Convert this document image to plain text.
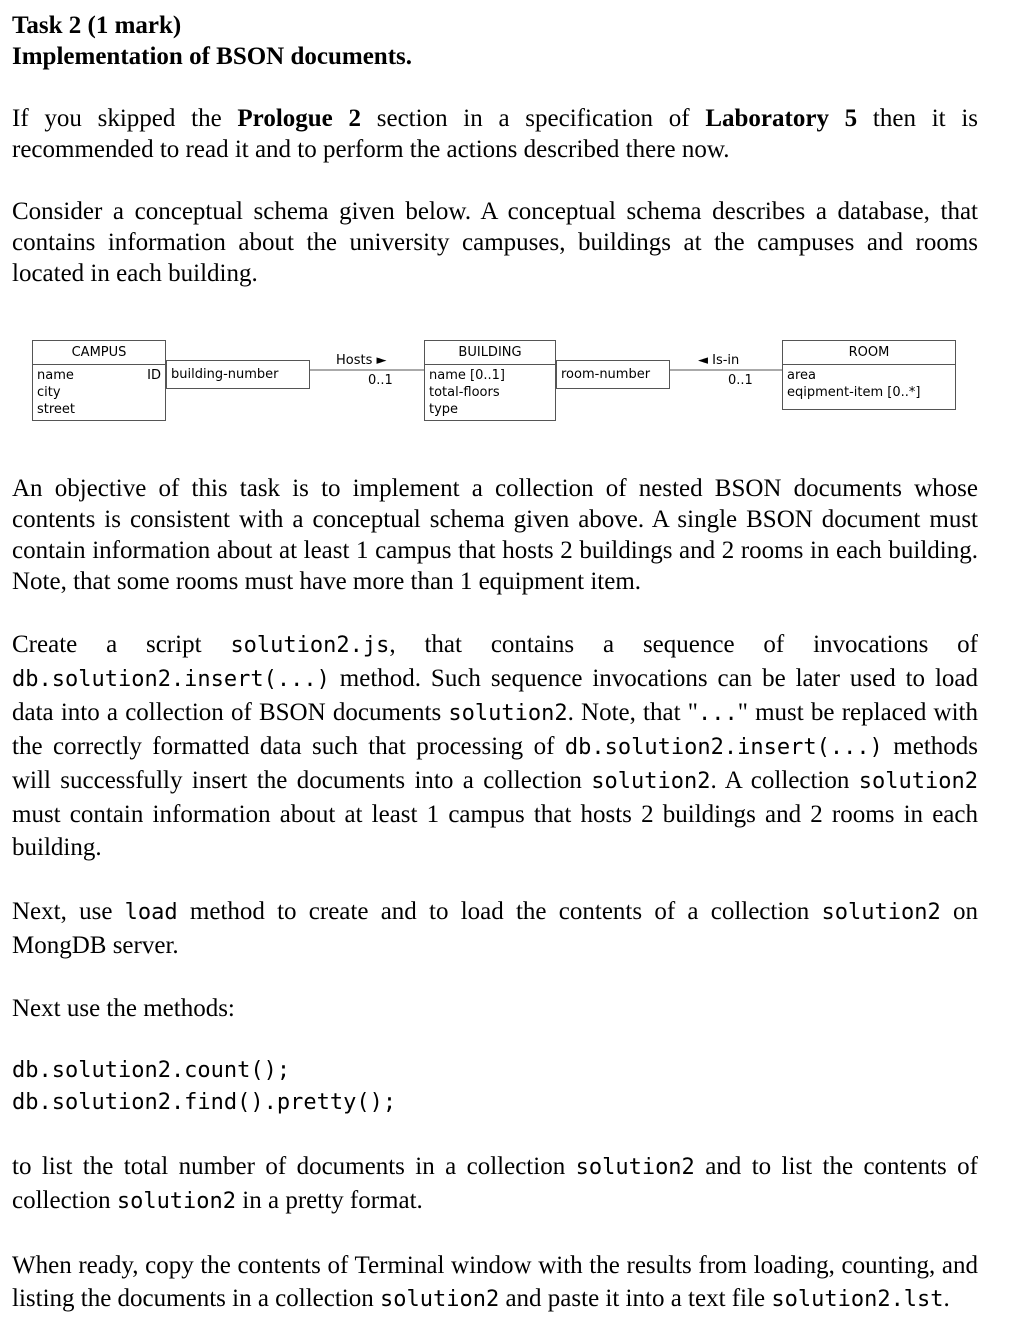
Task 2 (1 mark)
Implementation of BSON documents.

If you skipped the Prologue 2 section in a specification of Laboratory 5 then it is recommended to read it and to perform the actions described there now.

Consider a conceptual schema given below. A conceptual schema describes a database, that contains information about the university campuses, buildings at the campuses and rooms located in each building.

An objective of this task is to implement a collection of nested BSON documents whose contents is consistent with a conceptual schema given above. A single BSON document must contain information about at least 1 campus that hosts 2 buildings and 2 rooms in each building. Note, that some rooms must have more than 1 equipment item.

Create a script solution2.js, that contains a sequence of invocations of db.solution2.insert(...) method. Such sequence invocations can be later used to load data into a collection of BSON documents solution2. Note, that "..." must be replaced with the correctly formatted data such that processing of db.solution2.insert(...) methods will successfully insert the documents into a collection solution2. A collection solution2 must contain information about at least 1 campus that hosts 2 buildings and 2 rooms in each building.

Next, use load method to create and to load the contents of a collection solution2 on MongDB server.

Next use the methods:

db.solution2.count();
db.solution2.find().pretty();

to list the total number of documents in a collection solution2 and to list the contents of collection solution2 in a pretty format.

When ready, copy the contents of Terminal window with the results from loading, counting, and listing the documents in a collection solution2 and paste it into a text file solution2.lst.

CAMPUS
name	ID
city
street
building-number
Hosts ►
0..1
BUILDING
name [0..1]
total-floors
type
room-number
◄ Is-in
0..1
ROOM
area
eqipment-item [0..*]
